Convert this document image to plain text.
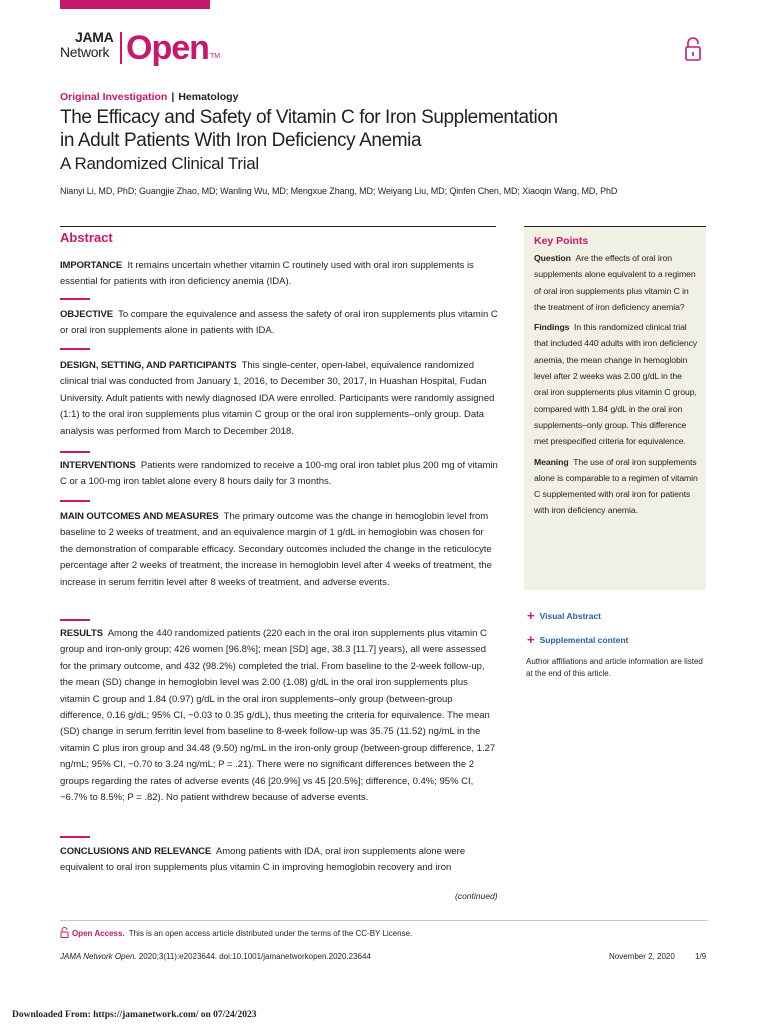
JAMA
Network Open TM
Original Investigation | Hematology
The Efficacy and Safety of Vitamin C for Iron Supplementation
in Adult Patients With Iron Deficiency Anemia
A Randomized Clinical Trial
Nianyi Li, MD, PhD; Guangjie Zhao, MD; Wanling Wu, MD; Mengxue Zhang, MD; Weiyang Liu, MD; Qinfen Chen, MD; Xiaoqin Wang, MD, PhD
Abstract
IMPORTANCE It remains uncertain whether vitamin C routinely used with oral iron supplements is essential for patients with iron deficiency anemia (IDA).
OBJECTIVE To compare the equivalence and assess the safety of oral iron supplements plus vitamin C or oral iron supplements alone in patients with IDA.
DESIGN, SETTING, AND PARTICIPANTS This single-center, open-label, equivalence randomized clinical trial was conducted from January 1, 2016, to December 30, 2017, in Huashan Hospital, Fudan University. Adult patients with newly diagnosed IDA were enrolled. Participants were randomly assigned (1:1) to the oral iron supplements plus vitamin C group or the oral iron supplements–only group. Data analysis was performed from March to December 2018.
INTERVENTIONS Patients were randomized to receive a 100-mg oral iron tablet plus 200 mg of vitamin C or a 100-mg iron tablet alone every 8 hours daily for 3 months.
MAIN OUTCOMES AND MEASURES The primary outcome was the change in hemoglobin level from baseline to 2 weeks of treatment, and an equivalence margin of 1 g/dL in hemoglobin was chosen for the demonstration of comparable efficacy. Secondary outcomes included the change in the reticulocyte percentage after 2 weeks of treatment, the increase in hemoglobin level after 4 weeks of treatment, the increase in serum ferritin level after 8 weeks of treatment, and adverse events.
RESULTS Among the 440 randomized patients (220 each in the oral iron supplements plus vitamin C group and iron-only group; 426 women [96.8%]; mean [SD] age, 38.3 [11.7] years), all were assessed for the primary outcome, and 432 (98.2%) completed the trial. From baseline to the 2-week follow-up, the mean (SD) change in hemoglobin level was 2.00 (1.08) g/dL in the oral iron supplements plus vitamin C group and 1.84 (0.97) g/dL in the oral iron supplements–only group (between-group difference, 0.16 g/dL; 95% CI, −0.03 to 0.35 g/dL), thus meeting the criteria for equivalence. The mean (SD) change in serum ferritin level from baseline to 8-week follow-up was 35.75 (11.52) ng/mL in the vitamin C plus iron group and 34.48 (9.50) ng/mL in the iron-only group (between-group difference, 1.27 ng/mL; 95% CI, −0.70 to 3.24 ng/mL; P = .21). There were no significant differences between the 2 groups regarding the rates of adverse events (46 [20.9%] vs 45 [20.5%]; difference, 0.4%; 95% CI, −6.7% to 8.5%; P = .82). No patient withdrew because of adverse events.
CONCLUSIONS AND RELEVANCE Among patients with IDA, oral iron supplements alone were equivalent to oral iron supplements plus vitamin C in improving hemoglobin recovery and iron
(continued)
Key Points

Question Are the effects of oral iron supplements alone equivalent to a regimen of oral iron supplements plus vitamin C in the treatment of iron deficiency anemia?

Findings In this randomized clinical trial that included 440 adults with iron deficiency anemia, the mean change in hemoglobin level after 2 weeks was 2.00 g/dL in the oral iron supplements plus vitamin C group, compared with 1.84 g/dL in the oral iron supplements–only group. This difference met prespecified criteria for equivalence.

Meaning The use of oral iron supplements alone is comparable to a regimen of vitamin C supplemented with oral iron for patients with iron deficiency anemia.

+ Visual Abstract
+ Supplemental content
Author affiliations and article information are listed at the end of this article.
Open Access. This is an open access article distributed under the terms of the CC-BY License.
JAMA Network Open. 2020;3(11):e2023644. doi:10.1001/jamanetworkopen.2020.23644	November 2, 2020	1/9
Downloaded From: https://jamanetwork.com/ on 07/24/2023
